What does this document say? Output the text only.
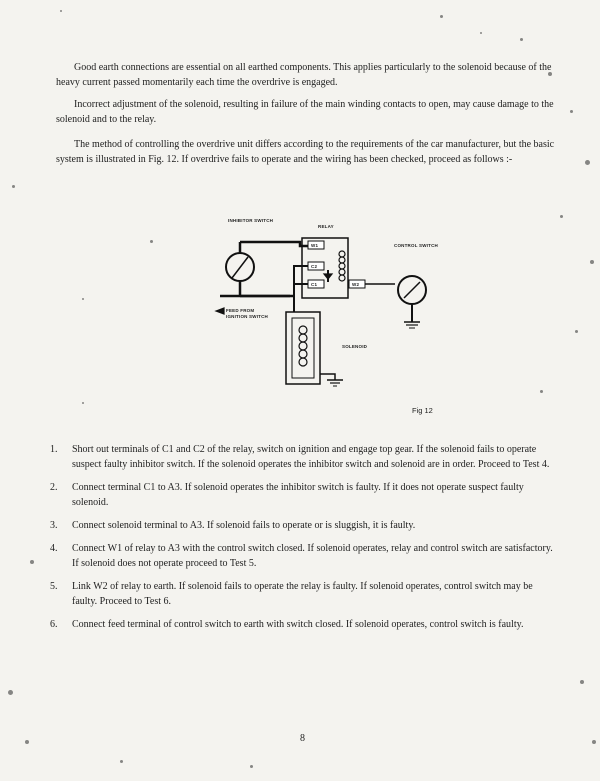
Good earth connections are essential on all earthed components. This applies particularly to the solenoid because of the heavy current passed momentarily each time the overdrive is engaged.

Incorrect adjustment of the solenoid, resulting in failure of the main winding contacts to open, may cause damage to the solenoid and to the relay.

The method of controlling the overdrive unit differs according to the requirements of the car manufacturer, but the basic system is illustrated in Fig. 12. If overdrive fails to operate and the wiring has been checked, proceed as follows :-

INHIBITOR SWITCH
RELAY
CONTROL SWITCH
FEED FROM IGNITION SWITCH
SOLENOID
W1
C2
C1	W2
Fig 12
1. Short out terminals of C1 and C2 of the relay, switch on ignition and engage top gear. If the solenoid fails to operate suspect faulty inhibitor switch. If the solenoid operates the inhibitor switch and solenoid are in order. Proceed to Test 4.
2. Connect terminal C1 to A3. If solenoid operates the inhibitor switch is faulty. If it does not operate suspect faulty solenoid.
3. Connect solenoid terminal to A3. If solenoid fails to operate or is sluggish, it is faulty.
4. Connect W1 of relay to A3 with the control switch closed. If solenoid operates, relay and control switch are satisfactory. If solenoid does not operate proceed to Test 5.
5. Link W2 of relay to earth. If solenoid fails to operate the relay is faulty. If solenoid operates, control switch may be faulty. Proceed to Test 6.
6. Connect feed terminal of control switch to earth with switch closed. If solenoid operates, control switch is faulty.
8
